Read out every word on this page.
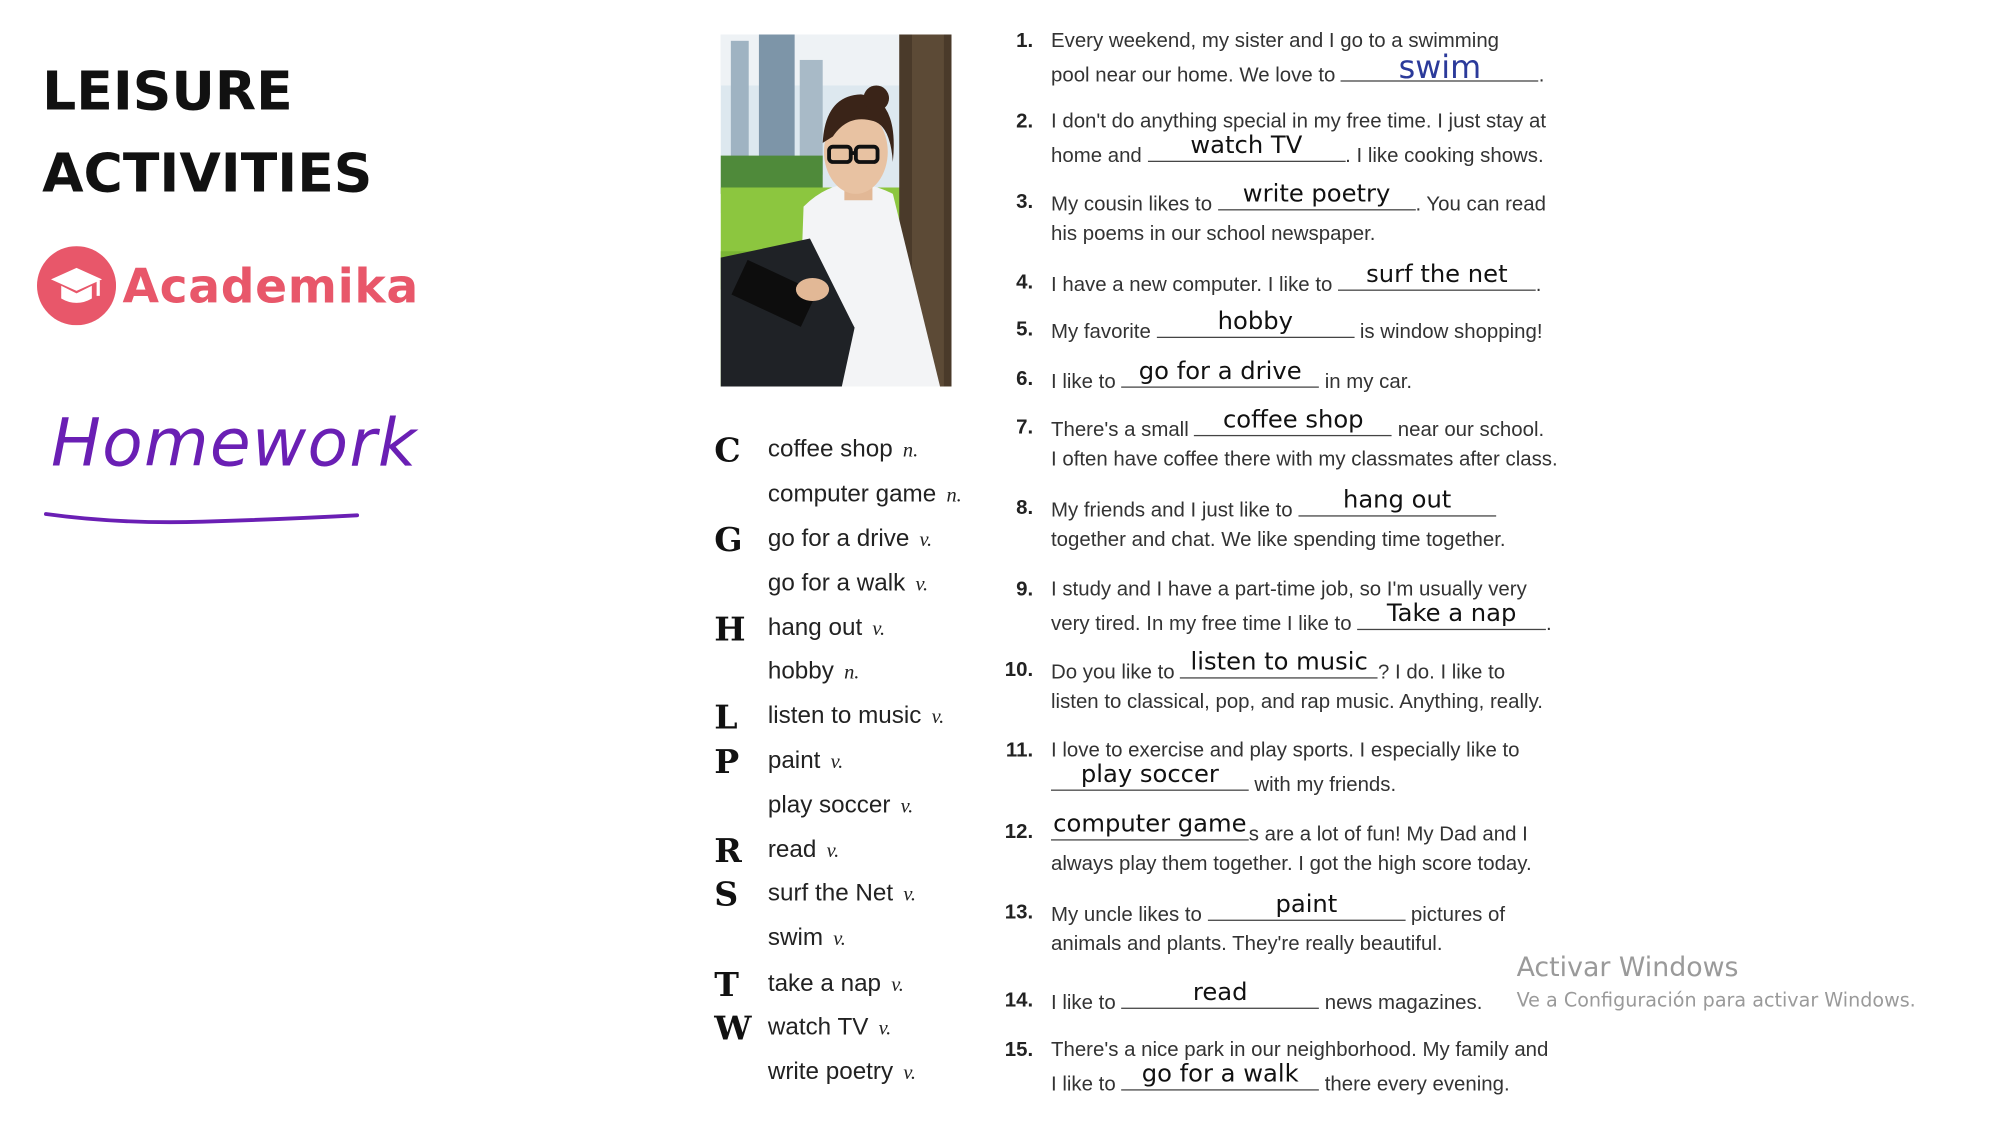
LEISURE
ACTIVITIES
Academika
Homework	C coffee shop n.
computer game n.
G go for a drive v.
go for a walk v.
H hang out v.
hobby n.
L listen to music v.
P paint v.
play soccer v.
R read v.
S surf the Net v.
swim v.
T take a nap v.
W watch TV v.
write poetry v.
1. Every weekend, my sister and I go to a swimming
pool near our home. We love to	swim	.
2. I don't do anything special in my free time. I just stay at
home and	watch TV	. I like cooking shows.
3. My cousin likes to	write poetry	. You can read
his poems in our school newspaper.
4. I have a new computer. I like to	surf the net	.
5. My favorite	hobby	is window shopping!
6. I like to	go for a drive	in my car.
7. There's a small	coffee shop	near our school.
I often have coffee there with my classmates after class.
8. My friends and I just like to	hang out
together and chat. We like spending time together.
9. I study and I have a part-time job, so I'm usually very
very tired. In my free time I like to	Take a nap	.
10. Do you like to listen to music ? I do. I like to
listen to classical, pop, and rap music. Anything, really.
11. I love to exercise and play sports. I especially like to
play soccer	with my friends.
12. computer game s are a lot of fun! My Dad and I
always play them together. I got the high score today.
13. My uncle likes to	paint	pictures of
animals and plants. They're really beautiful.
14. I like to	read	news magazines.
15. There's a nice park in our neighborhood. My family and
I like to	go for a walk	there every evening.
Activar Windows
Ve a Configuración para activar Windows.
